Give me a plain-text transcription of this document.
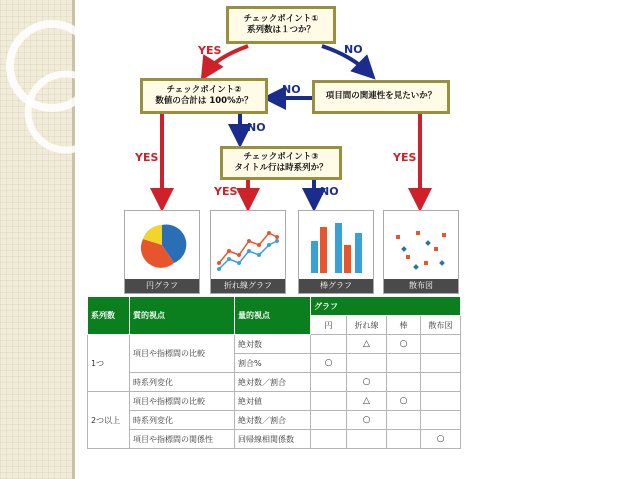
チェックポイント①
系列数は１つか？
チェックポイント②
数値の合計は 100%か？	項目間の関連性を見たいか？
チェックポイント③
タイトル行は時系列か？
YES	NO
NO
NO
YES	YES
YES	NO
円グラフ	折れ線グラフ	棒グラフ	散布図
系列数	質的視点	量的視点	グラフ			
			円	折れ線	棒	散布図
1つ	項目や指標間の比較	絶対数		△	○	
		割合%	○			
	時系列変化	絶対数／割合		○		
2つ以上	項目や指標間の比較	絶対値		△	○	
	時系列変化	絶対数／割合		○		
	項目や指標間の関係性	回帰線相関係数				○
